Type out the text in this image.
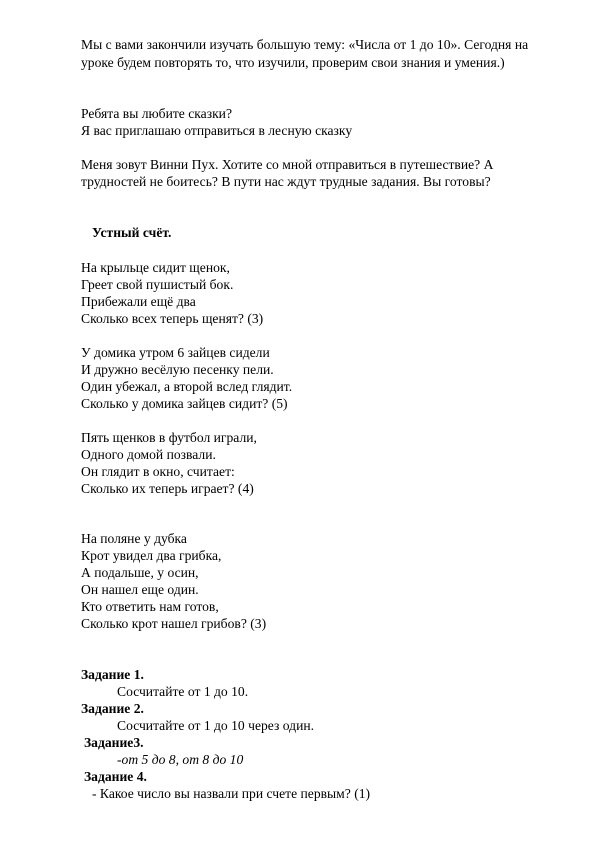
Мы с вами закончили изучать большую тему: «Числа от 1 до 10». Сегодня на
уроке будем повторять то, что изучили, проверим свои знания и умения.)
Ребята вы любите сказки?
Я вас приглашаю отправиться в лесную сказку
Меня зовут Винни Пух. Хотите со мной отправиться в путешествие? А
трудностей не боитесь? В пути нас ждут трудные задания. Вы готовы?
Устный счёт.
На крыльце сидит щенок,
Греет свой пушистый бок.
Прибежали ещё два
Сколько всех теперь щенят? (3)
У домика утром 6 зайцев сидели
И дружно весёлую песенку пели.
Один убежал, а второй вслед глядит.
Сколько у домика зайцев сидит? (5)
Пять щенков в футбол играли,
Одного домой позвали.
Он глядит в окно, считает:
Сколько их теперь играет? (4)
На поляне у дубка
Крот увидел два грибка,
А подальше, у осин,
Он нашел еще один.
Кто ответить нам готов,
Сколько крот нашел грибов? (3)
Задание 1.
Сосчитайте от 1 до 10.
Задание 2.
Сосчитайте от 1 до 10 через один.
Задание3.
-от 5 до 8, от 8 до 10
Задание 4.
- Какое число вы назвали при счете первым? (1)
